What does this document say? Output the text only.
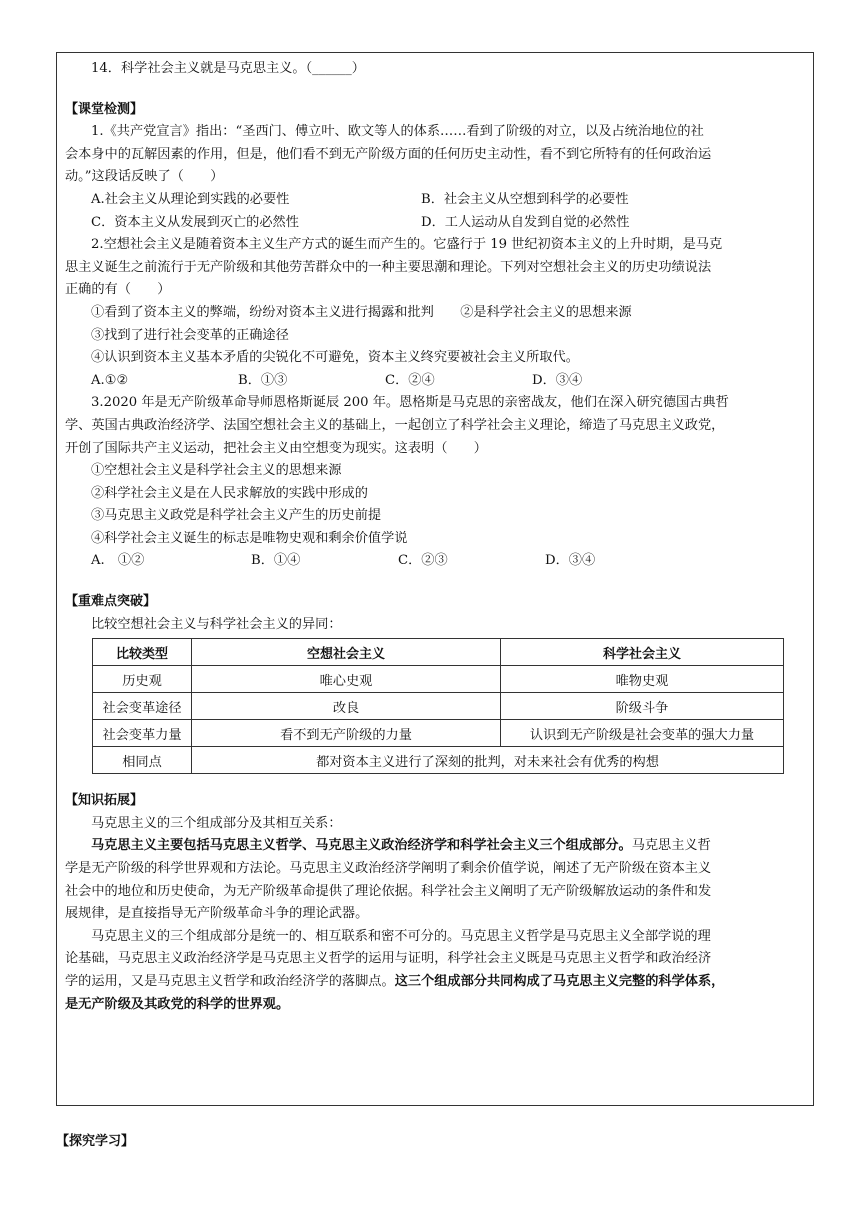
14．科学社会主义就是马克思主义。（______）
【课堂检测】
1.《共产党宣言》指出：“圣西门、傅立叶、欧文等人的体系……看到了阶级的对立，以及占统治地位的社
会本身中的瓦解因素的作用，但是，他们看不到无产阶级方面的任何历史主动性，看不到它所特有的任何政治运
动。”这段话反映了（　　）
A.社会主义从理论到实践的必要性	B．社会主义从空想到科学的必要性
C．资本主义从发展到灭亡的必然性	D．工人运动从自发到自觉的必然性
2.空想社会主义是随着资本主义生产方式的诞生而产生的。它盛行于 19 世纪初资本主义的上升时期，是马克
思主义诞生之前流行于无产阶级和其他劳苦群众中的一种主要思潮和理论。下列对空想社会主义的历史功绩说法
正确的有（　　）
①看到了资本主义的弊端，纷纷对资本主义进行揭露和批判　　②是科学社会主义的思想来源
③找到了进行社会变革的正确途径
④认识到资本主义基本矛盾的尖锐化不可避免，资本主义终究要被社会主义所取代。
A.①②	B．①③	C．②④	D．③④
3.2020 年是无产阶级革命导师恩格斯诞辰 200 年。恩格斯是马克思的亲密战友，他们在深入研究德国古典哲
学、英国古典政治经济学、法国空想社会主义的基础上，一起创立了科学社会主义理论，缔造了马克思主义政党，
开创了国际共产主义运动，把社会主义由空想变为现实。这表明（　　）
①空想社会主义是科学社会主义的思想来源
②科学社会主义是在人民求解放的实践中形成的
③马克思主义政党是科学社会主义产生的历史前提
④科学社会主义诞生的标志是唯物史观和剩余价值学说
A.　①②	B．①④	C．②③	D．③④
【重难点突破】
比较空想社会主义与科学社会主义的异同：
比较类型	空想社会主义	科学社会主义
历史观	唯心史观	唯物史观
社会变革途径	改良	阶级斗争
社会变革力量	看不到无产阶级的力量	认识到无产阶级是社会变革的强大力量
相同点	都对资本主义进行了深刻的批判，对未来社会有优秀的构想	
【知识拓展】
马克思主义的三个组成部分及其相互关系：
马克思主义主要包括马克思主义哲学、马克思主义政治经济学和科学社会主义三个组成部分。马克思主义哲
学是无产阶级的科学世界观和方法论。马克思主义政治经济学阐明了剩余价值学说，阐述了无产阶级在资本主义
社会中的地位和历史使命，为无产阶级革命提供了理论依据。科学社会主义阐明了无产阶级解放运动的条件和发
展规律，是直接指导无产阶级革命斗争的理论武器。
马克思主义的三个组成部分是统一的、相互联系和密不可分的。马克思主义哲学是马克思主义全部学说的理
论基础，马克思主义政治经济学是马克思主义哲学的运用与证明，科学社会主义既是马克思主义哲学和政治经济
学的运用，又是马克思主义哲学和政治经济学的落脚点。这三个组成部分共同构成了马克思主义完整的科学体系，
是无产阶级及其政党的科学的世界观。
【探究学习】
